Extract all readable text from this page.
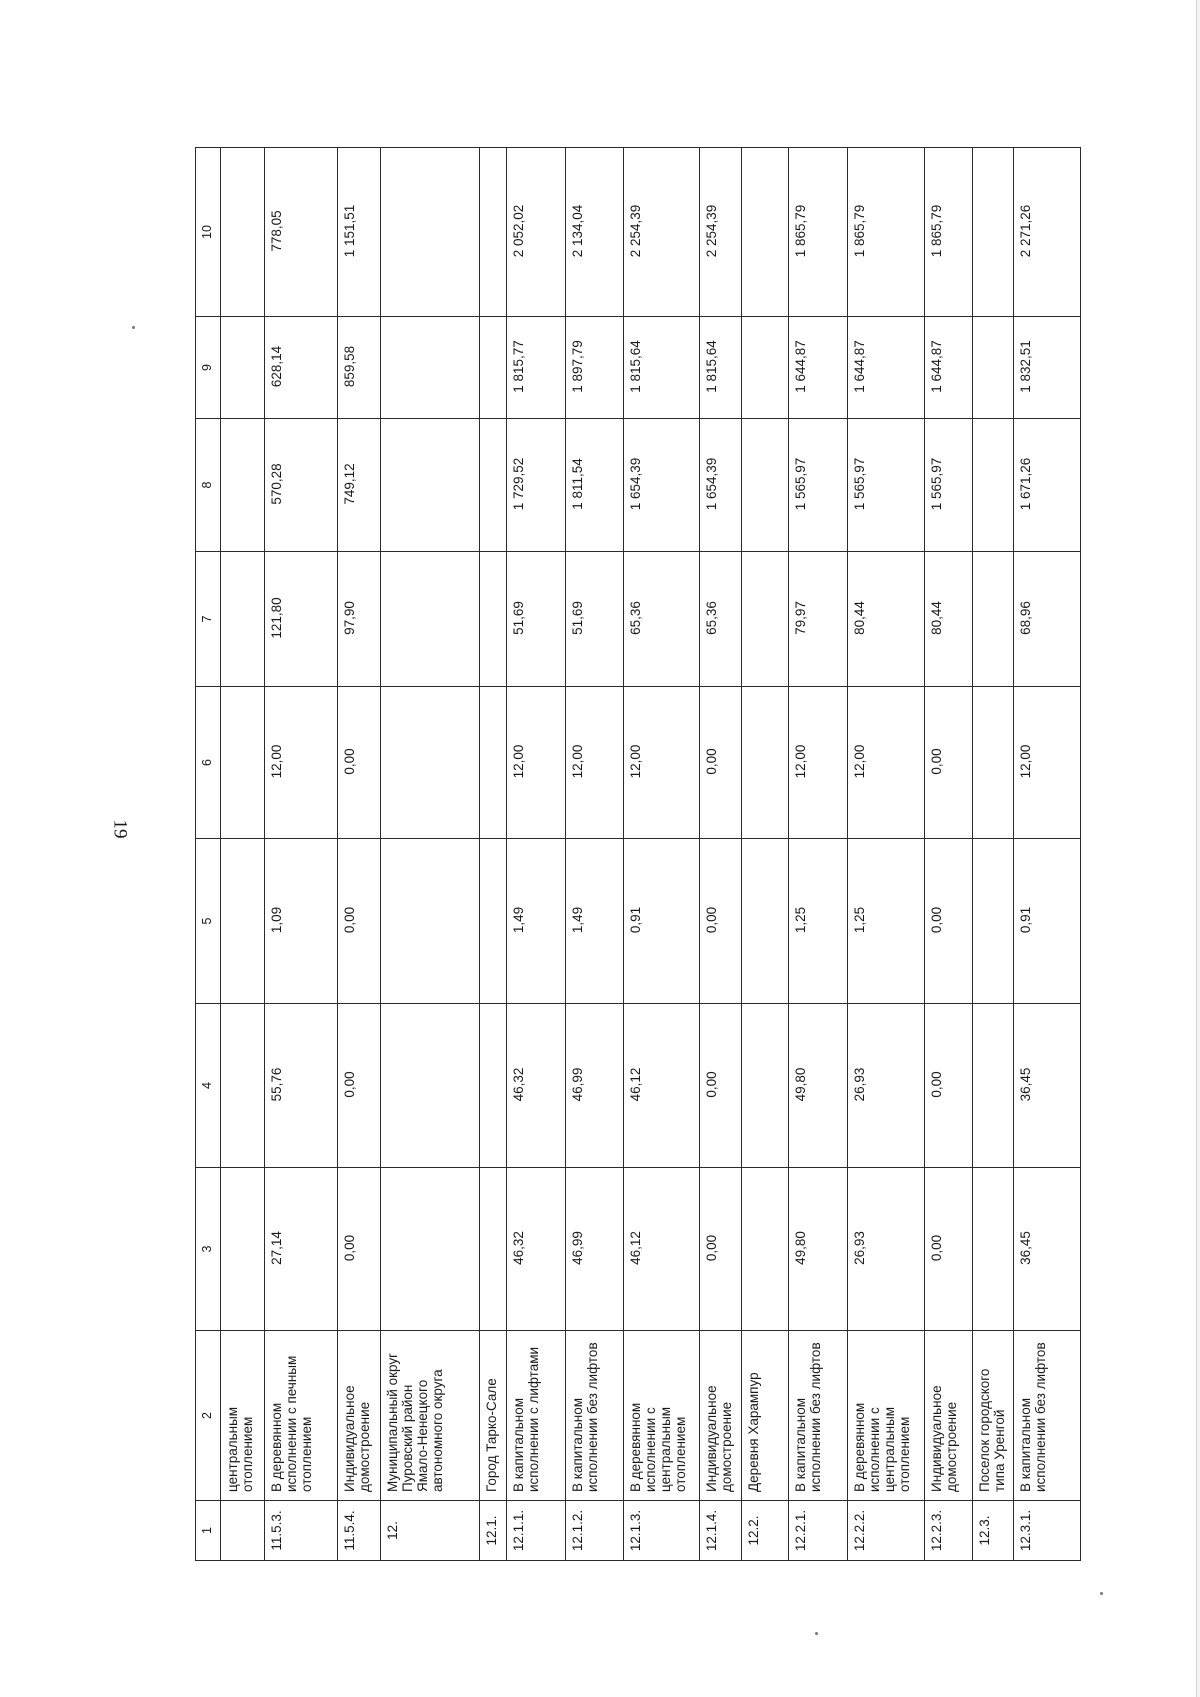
19
1	2	3	4	5	6	7	8	9	10
	центральным отоплением								
11.5.3.	В деревянном исполнении с печным отоплением	27,14	55,76	1,09	12,00	121,80	570,28	628,14	778,05
11.5.4.	Индивидуальное домостроение	0,00	0,00	0,00	0,00	97,90	749,12	859,58	1 151,51
12.	Муниципальный округ Пуровский район Ямало-Ненецкого автономного округа								
12.1.	Город Тарко-Сале								
12.1.1.	В капитальном исполнении с лифтами	46,32	46,32	1,49	12,00	51,69	1 729,52	1 815,77	2 052,02
12.1.2.	В капитальном исполнении без лифтов	46,99	46,99	1,49	12,00	51,69	1 811,54	1 897,79	2 134,04
12.1.3.	В деревянном исполнении с центральным отоплением	46,12	46,12	0,91	12,00	65,36	1 654,39	1 815,64	2 254,39
12.1.4.	Индивидуальное домостроение	0,00	0,00	0,00	0,00	65,36	1 654,39	1 815,64	2 254,39
12.2.	Деревня Харампур								
12.2.1.	В капитальном исполнении без лифтов	49,80	49,80	1,25	12,00	79,97	1 565,97	1 644,87	1 865,79
12.2.2.	В деревянном исполнении с центральным отоплением	26,93	26,93	1,25	12,00	80,44	1 565,97	1 644,87	1 865,79
12.2.3.	Индивидуальное домостроение	0,00	0,00	0,00	0,00	80,44	1 565,97	1 644,87	1 865,79
12.3.	Поселок городского типа Уренгой								
12.3.1.	В капитальном исполнении без лифтов	36,45	36,45	0,91	12,00	68,96	1 671,26	1 832,51	2 271,26
